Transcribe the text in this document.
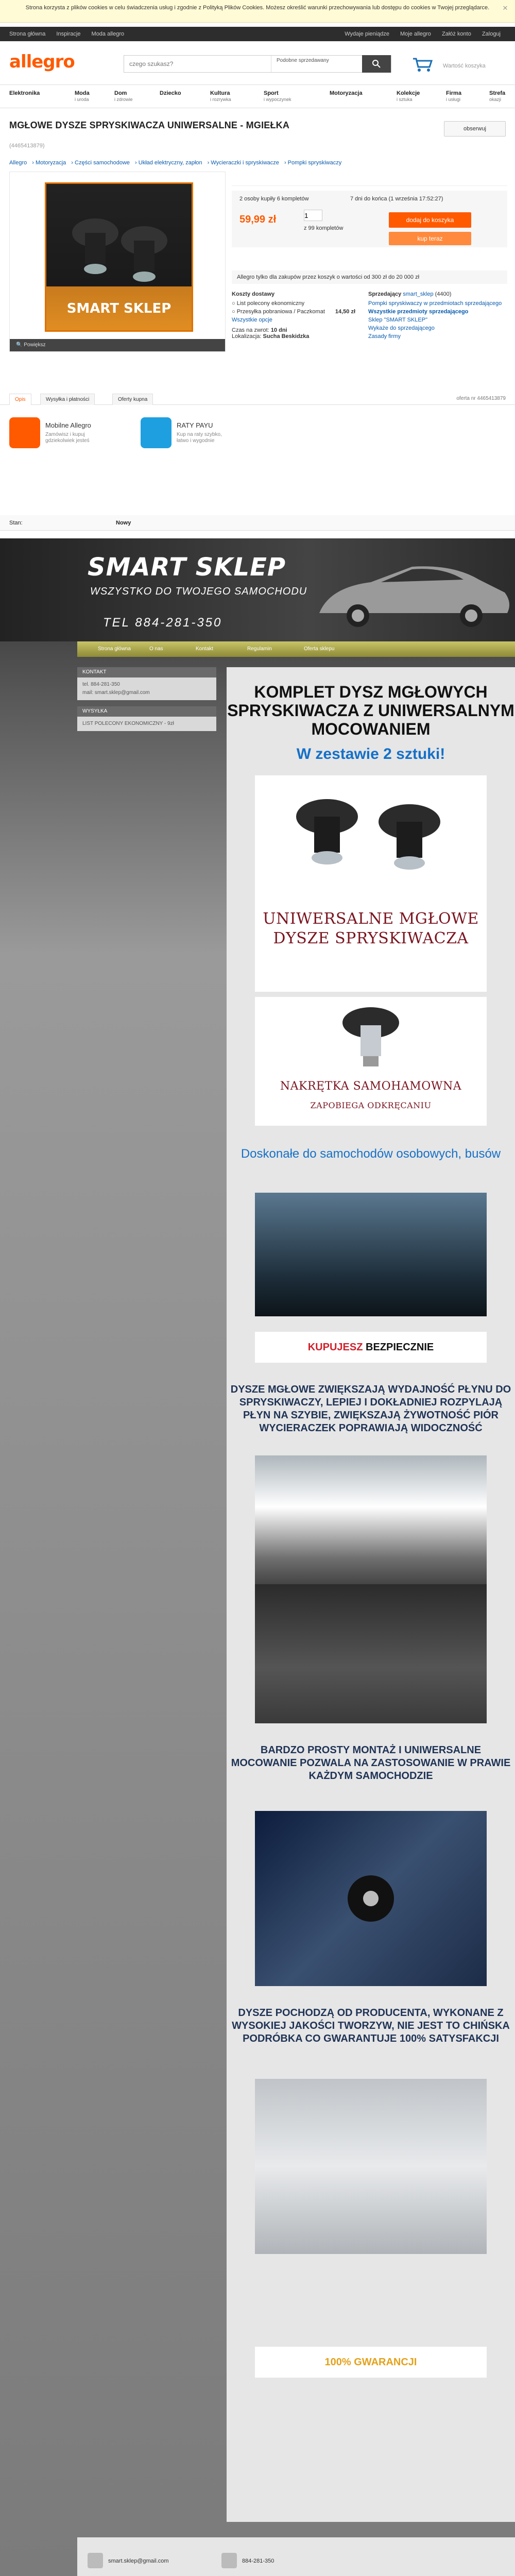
Strona korzysta z plików cookies w celu świadczenia usług i zgodnie z Polityką Plików Cookies. Możesz określić warunki przechowywania lub dostępu do cookies w Twojej przeglądarce. ✕
Strona główna Inspiracje Moda allegro	Wydaje pieniądze Moje allegro Załóż konto Zaloguj
allegro
czego szukasz?	Podobne sprzedawany
Wartość koszyka
Elektronika	Moda
i uroda
Dom
i zdrowie
Dziecko	Kultura
i rozrywka
Sport
i wypoczynek
Motoryzacja	Kolekcje
i sztuka
Firma
i usługi
Strefa
okazji
MGŁOWE DYSZE SPRYSKIWACZA UNIWERSALNE - MGIEŁKA	obserwuj
(4465413879)
Allegro › Motoryzacja › Części samochodowe › Układ elektryczny, zapłon › Wycieraczki i spryskiwacze › Pompki spryskiwaczy
SMART SKLEP
🔍 Powiększ
2 osoby kupiły 6 kompletów	7 dni do końca (1 września 17:52:27)
59,99 zł
1
z 99 kompletów
dodaj do koszyka
kup teraz
Allegro tylko dla zakupów przez koszyk o wartości od 300 zł do 20 000 zł
Koszty dostawy
○ List polecony ekonomiczny
○ Przesyłka pobraniowa / Paczkomat 14,50 zł
Wszystkie opcje
Czas na zwrot: 10 dni
Lokalizacja: Sucha Beskidzka
Sprzedający smart_sklep (4400)
Pompki spryskiwaczy w przedmiotach sprzedającego
Wszystkie przedmioty sprzedającego
Sklep "SMART SKLEP"
Wykaże do sprzedającego
Zasady firmy
Opis	Wysyłka i płatności	Oferty kupna	oferta nr 4465413879
Mobilne Allegro
Zamówisz i kupuj gdziekolwiek jesteś
RATY PAYU
Kup na raty szybko, łatwo i wygodnie
Stan:	Nowy
SMART SKLEP
WSZYSTKO DO TWOJEGO SAMOCHODU
TEL 884-281-350
Strona główna	O nas	Kontakt	Regulamin	Oferta sklepu
KONTAKT
tel. 884-281-350
mail: smart.sklep@gmail.com
WYSYŁKA
LIST POLECONY EKONOMICZNY - 9zł
KOMPLET DYSZ MGŁOWYCH SPRYSKIWACZA Z UNIWERSALNYM MOCOWANIEM
W zestawie 2 sztuki!
UNIWERSALNE MGŁOWE DYSZE SPRYSKIWACZA
NAKRĘTKA SAMOHAMOWNA
ZAPOBIEGA ODKRĘCANIU
Doskonałe do samochodów osobowych, busów
KUPUJESZ BEZPIECZNIE
DYSZE MGŁOWE ZWIĘKSZAJĄ WYDAJNOŚĆ PŁYNU DO SPRYSKIWACZY, LEPIEJ I DOKŁADNIEJ ROZPYLAJĄ PŁYN NA SZYBIE, ZWIĘKSZAJĄ ŻYWOTNOŚĆ PIÓR WYCIERACZEK POPRAWIAJĄ WIDOCZNOŚĆ
BARDZO PROSTY MONTAŻ I UNIWERSALNE MOCOWANIE POZWALA NA ZASTOSOWANIE W PRAWIE KAŻDYM SAMOCHODZIE
DYSZE POCHODZĄ OD PRODUCENTA, WYKONANE Z WYSOKIEJ JAKOŚCI TWORZYW, NIE JEST TO CHIŃSKA PODRÓBKA CO GWARANTUJE 100% SATYSFAKCJI
100% GWARANCJI
smart.sklep@gmail.com	884-281-350
